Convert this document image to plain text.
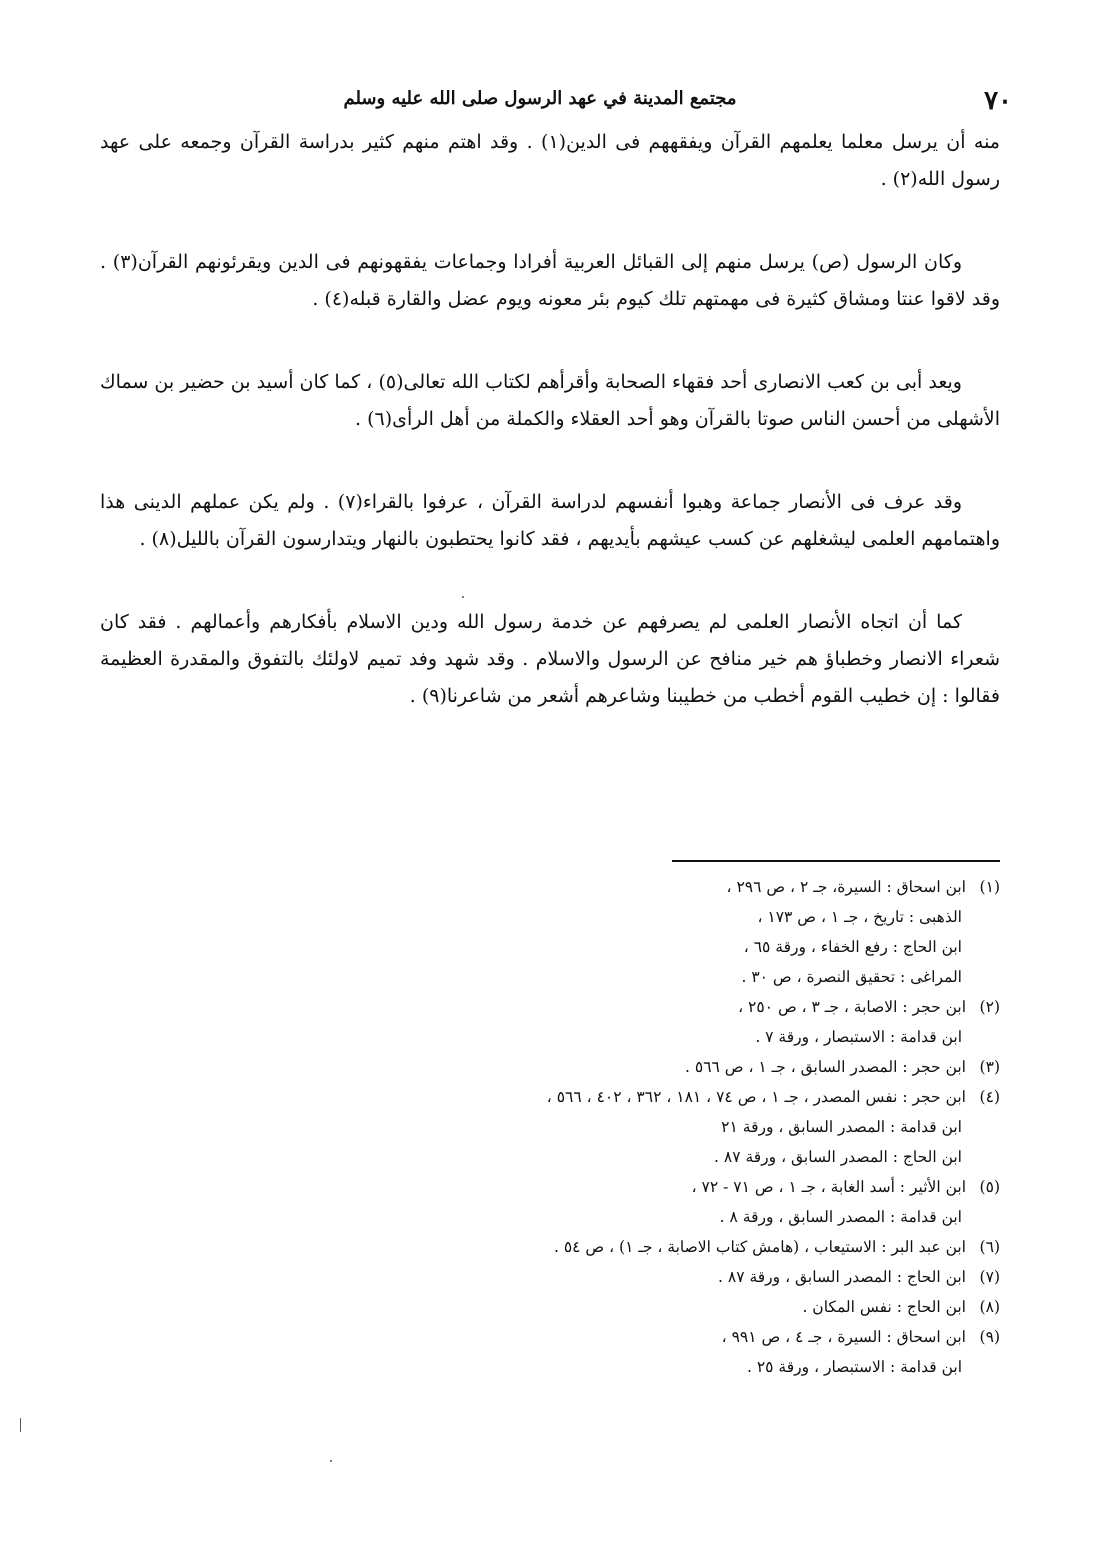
٧٠
مجتمع المدينة في عهد الرسول صلى الله عليه وسلم

منه أن يرسل معلما يعلمهم القرآن ويفقههم فى الدين(١) . وقد اهتم منهم كثير بدراسة القرآن وجمعه على عهد رسول الله(٢) .

وكان الرسول (ص) يرسل منهم إلى القبائل العربية أفرادا وجماعات يفقهونهم فى الدين ويقرئونهم القرآن(٣) . وقد لاقوا عنتا ومشاق كثيرة فى مهمتهم تلك كيوم بئر معونه ويوم عضل والقارة قبله(٤) .

ويعد أبى بن كعب الانصارى أحد فقهاء الصحابة وأقرأهم لكتاب الله تعالى(٥) ، كما كان أسيد بن حضير بن سماك الأشهلى من أحسن الناس صوتا بالقرآن وهو أحد العقلاء والكملة من أهل الرأى(٦) .

وقد عرف فى الأنصار جماعة وهبوا أنفسهم لدراسة القرآن ، عرفوا بالقراء(٧) . ولم يكن عملهم الدينى هذا واهتمامهم العلمى ليشغلهم عن كسب عيشهم بأيديهم ، فقد كانوا يحتطبون بالنهار ويتدارسون القرآن بالليل(٨) .

كما أن اتجاه الأنصار العلمى لم يصرفهم عن خدمة رسول الله ودين الاسلام بأفكارهم وأعمالهم . فقد كان شعراء الانصار وخطباؤ هم خير منافح عن الرسول والاسلام . وقد شهد وفد تميم لاولئك بالتفوق والمقدرة العظيمة فقالوا : إن خطيب القوم أخطب من خطيبنا وشاعرهم أشعر من شاعرنا(٩) .

(١)ابن اسحاق : السيرة، جـ ٢ ، ص ٢٩٦ ،
الذهبى : تاريخ ، جـ ١ ، ص ١٧٣ ،
ابن الحاج : رفع الخفاء ، ورقة ٦٥ ،
المراغى : تحقيق النصرة ، ص ٣٠ .
(٢)ابن حجر : الاصابة ، جـ ٣ ، ص ٢٥٠ ،
ابن قدامة : الاستبصار ، ورقة ٧ .
(٣)ابن حجر : المصدر السابق ، جـ ١ ، ص ٥٦٦ .
(٤)ابن حجر : نفس المصدر ، جـ ١ ، ص ٧٤ ، ١٨١ ، ٣٦٢ ، ٤٠٢ ، ٥٦٦ ،
ابن قدامة : المصدر السابق ، ورقة ٢١
ابن الحاج : المصدر السابق ، ورقة ٨٧ .
(٥)ابن الأثير : أسد الغابة ، جـ ١ ، ص ٧١ - ٧٢ ،
ابن قدامة : المصدر السابق ، ورقة ٨ .
(٦)ابن عبد البر : الاستيعاب ، (هامش كتاب الاصابة ، جـ ١) ، ص ٥٤ .
(٧)ابن الحاج : المصدر السابق ، ورقة ٨٧ .
(٨)ابن الحاج : نفس المكان .
(٩)ابن اسحاق : السيرة ، جـ ٤ ، ص ٩٩١ ،
ابن قدامة : الاستبصار ، ورقة ٢٥ .
